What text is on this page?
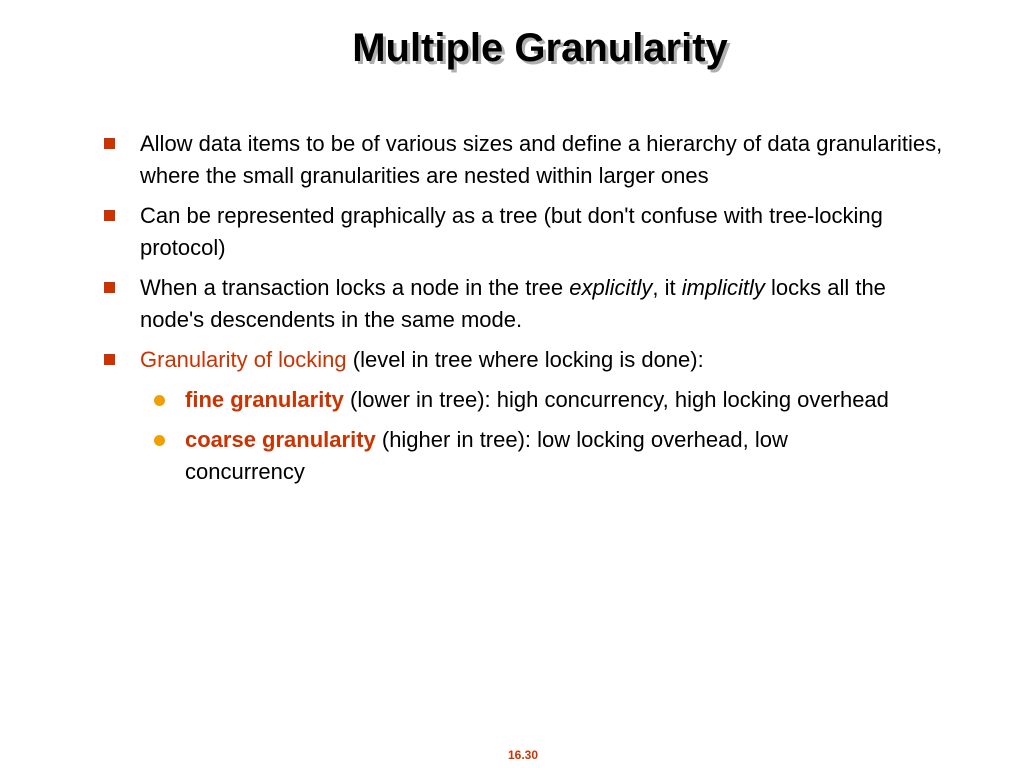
Multiple Granularity
Allow data items to be of various sizes and define a hierarchy of data granularities, where the small granularities are nested within larger ones
Can be represented graphically as a tree (but don't confuse with tree-locking protocol)
When a transaction locks a node in the tree explicitly, it implicitly locks all the node's descendents in the same mode.
Granularity of locking (level in tree where locking is done):
fine granularity (lower in tree): high concurrency, high locking overhead
coarse granularity (higher in tree): low locking overhead, low concurrency
16.30
